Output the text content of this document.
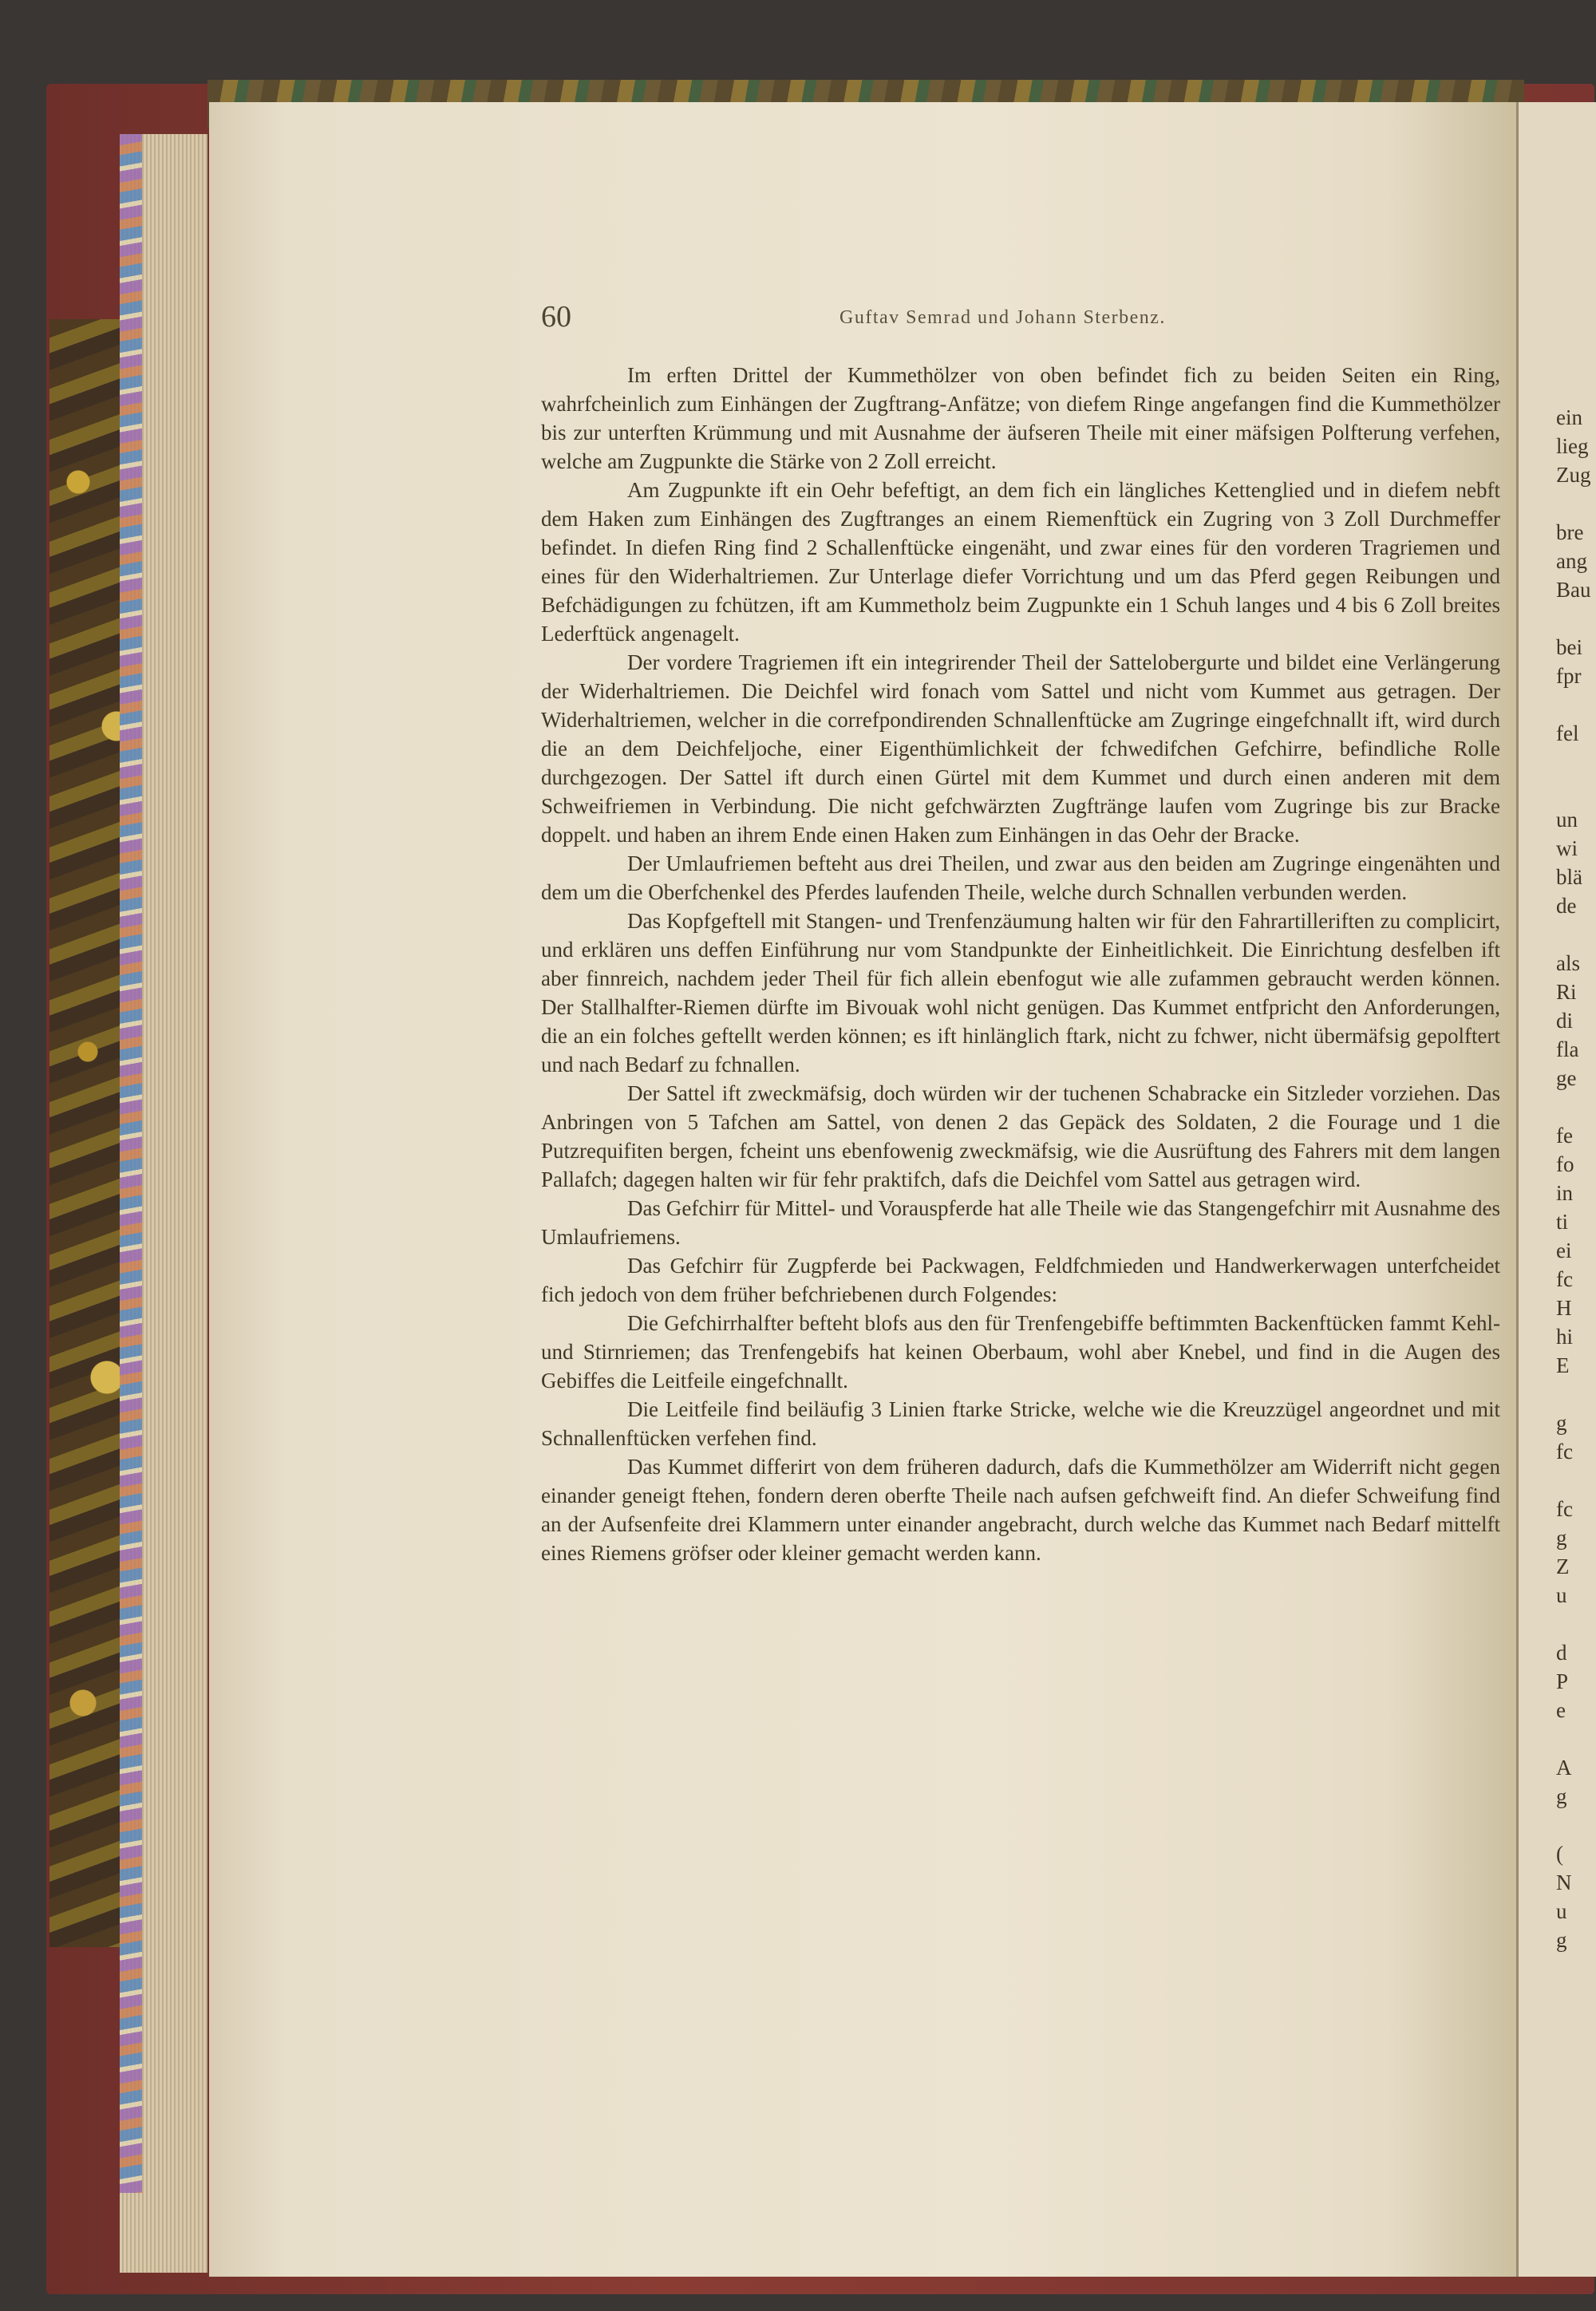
60	Guftav Semrad und Johann Sterbenz.

Im erften Drittel der Kummethölzer von oben befindet fich zu beiden Seiten ein Ring, wahrfcheinlich zum Einhängen der Zugftrang-Anfätze; von diefem Ringe angefangen find die Kummethölzer bis zur unterften Krümmung und mit Ausnahme der äufseren Theile mit einer mäfsigen Polfterung verfehen, welche am Zugpunkte die Stärke von 2 Zoll erreicht.

Am Zugpunkte ift ein Oehr befeftigt, an dem fich ein längliches Kettenglied und in diefem nebft dem Haken zum Einhängen des Zugftranges an einem Riemenftück ein Zugring von 3 Zoll Durchmeffer befindet. In diefen Ring find 2 Schallenftücke eingenäht, und zwar eines für den vorderen Tragriemen und eines für den Widerhaltriemen. Zur Unterlage diefer Vorrichtung und um das Pferd gegen Reibungen und Befchädigungen zu fchützen, ift am Kummetholz beim Zugpunkte ein 1 Schuh langes und 4 bis 6 Zoll breites Lederftück angenagelt.

Der vordere Tragriemen ift ein integrirender Theil der Sattelobergurte und bildet eine Verlängerung der Widerhaltriemen. Die Deichfel wird fonach vom Sattel und nicht vom Kummet aus getragen. Der Widerhaltriemen, welcher in die correfpondirenden Schnallenftücke am Zugringe eingefchnallt ift, wird durch die an dem Deichfeljoche, einer Eigenthümlichkeit der fchwedifchen Gefchirre, befindliche Rolle durchgezogen. Der Sattel ift durch einen Gürtel mit dem Kummet und durch einen anderen mit dem Schweifriemen in Verbindung. Die nicht gefchwärzten Zugftränge laufen vom Zugringe bis zur Bracke doppelt. und haben an ihrem Ende einen Haken zum Einhängen in das Oehr der Bracke.

Der Umlaufriemen befteht aus drei Theilen, und zwar aus den beiden am Zugringe eingenähten und dem um die Oberfchenkel des Pferdes laufenden Theile, welche durch Schnallen verbunden werden.

Das Kopfgeftell mit Stangen- und Trenfenzäumung halten wir für den Fahrartilleriften zu complicirt, und erklären uns deffen Einführung nur vom Standpunkte der Einheitlichkeit. Die Einrichtung desfelben ift aber finnreich, nachdem jeder Theil für fich allein ebenfogut wie alle zufammen gebraucht werden können. Der Stallhalfter-Riemen dürfte im Bivouak wohl nicht genügen. Das Kummet entfpricht den Anforderungen, die an ein folches geftellt werden können; es ift hinlänglich ftark, nicht zu fchwer, nicht übermäfsig gepolftert und nach Bedarf zu fchnallen.

Der Sattel ift zweckmäfsig, doch würden wir der tuchenen Schabracke ein Sitzleder vorziehen. Das Anbringen von 5 Tafchen am Sattel, von denen 2 das Gepäck des Soldaten, 2 die Fourage und 1 die Putzrequifiten bergen, fcheint uns ebenfowenig zweckmäfsig, wie die Ausrüftung des Fahrers mit dem langen Pallafch; dagegen halten wir für fehr praktifch, dafs die Deichfel vom Sattel aus getragen wird.

Das Gefchirr für Mittel- und Vorauspferde hat alle Theile wie das Stangengefchirr mit Ausnahme des Umlaufriemens.

Das Gefchirr für Zugpferde bei Packwagen, Feldfchmieden und Handwerkerwagen unterfcheidet fich jedoch von dem früher befchriebenen durch Folgendes:

Die Gefchirrhalfter befteht blofs aus den für Trenfengebiffe beftimmten Backenftücken fammt Kehl- und Stirnriemen; das Trenfengebifs hat keinen Oberbaum, wohl aber Knebel, und find in die Augen des Gebiffes die Leitfeile eingefchnallt.

Die Leitfeile find beiläufig 3 Linien ftarke Stricke, welche wie die Kreuzzügel angeordnet und mit Schnallenftücken verfehen find.

Das Kummet differirt von dem früheren dadurch, dafs die Kummethölzer am Widerrift nicht gegen einander geneigt ftehen, fondern deren oberfte Theile nach aufsen gefchweift find. An diefer Schweifung find an der Aufsenfeite drei Klammern unter einander angebracht, durch welche das Kummet nach Bedarf mittelft eines Riemens gröfser oder kleiner gemacht werden kann.

ein
lieg
Zug

bre
ang
Bau

bei
fpr

fel

un
wi
blä
de

als
Ri
di
fla
ge

fe
fo
in
ti
ei
fc
H
hi
E

g
fc

fc
g
Z
u

d
P
e

A
g

(
N
u
g
